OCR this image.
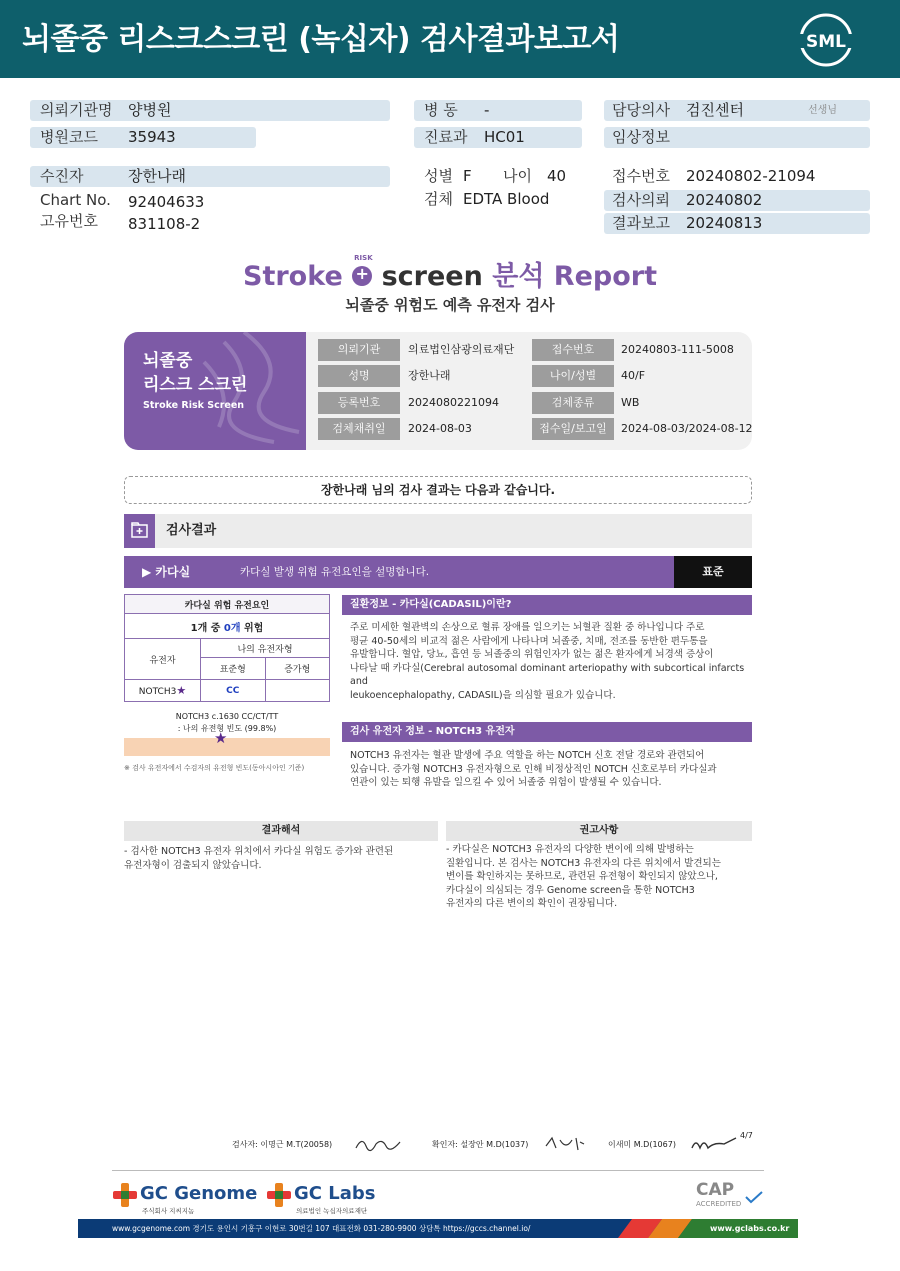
뇌졸중 리스크스크린 (녹십자) 검사결과보고서	SML
의뢰기관명 양병원
병원코드 35943
병 동 -
진료과 HC01
담당의사 검진센터	선생님
임상정보
수진자	장한나래
Chart No. 92404633
고유번호 831108-2
성별 F 나이 40
검체 EDTA Blood
접수번호 20240802-21094
검사의뢰 20240802
결과보고 20240813
Stroke +
RISK
screen 분석 Report
뇌졸중 위험도 예측 유전자 검사
뇌졸중
리스크 스크린
Stroke Risk Screen
의뢰기관	의료법인삼광의료재단	접수번호	20240803-111-5008
성명	장한나래	나이/성별	40/F
등록번호	2024080221094	검체종류	WB
검체채취일	2024-08-03	접수일/보고일	2024-08-03/2024-08-12
장한나래 님의 검사 결과는 다음과 같습니다.
검사결과
▶ 카다실	카다실 발생 위험 유전요인을 설명합니다.	표준
카다실 위험 유전요인		
1개 중 0개 위험		
유전자	나의 유전자형	
	표준형	증가형
NOTCH3★	CC	
NOTCH3 c.1630 CC/CT/TT
: 나의 유전형 빈도 (99.8%)
★
※ 검사 유전자에서 수검자의 유전형 빈도(동아시아인 기준)
질환정보 - 카다실(CADASIL)이란?
주로 미세한 혈관벽의 손상으로 혈류 장애를 일으키는 뇌혈관 질환 중 하나입니다 주로
평균 40-50세의 비교적 젊은 사람에게 나타나며 뇌졸중, 치매, 전조를 동반한 편두통을
유발합니다. 혈압, 당뇨, 흡연 등 뇌졸중의 위험인자가 없는 젊은 환자에게 뇌경색 증상이
나타날 때 카다실(Cerebral autosomal dominant arteriopathy with subcortical infarcts and
leukoencephalopathy, CADASIL)을 의심할 필요가 있습니다.
검사 유전자 정보 - NOTCH3 유전자
NOTCH3 유전자는 혈관 발생에 주요 역할을 하는 NOTCH 신호 전달 경로와 관련되어
있습니다. 증가형 NOTCH3 유전자형으로 인해 비정상적인 NOTCH 신호로부터 카다실과
연관이 있는 퇴행 유발을 일으킬 수 있어 뇌졸중 위험이 발생될 수 있습니다.
결과해석
- 검사한 NOTCH3 유전자 위치에서 카다실 위험도 증가와 관련된
유전자형이 검출되지 않았습니다.
권고사항
- 카다실은 NOTCH3 유전자의 다양한 변이에 의해 발병하는
질환입니다. 본 검사는 NOTCH3 유전자의 다른 위치에서 발견되는
변이를 확인하지는 못하므로, 관련된 유전형이 확인되지 않았으나,
카다실이 의심되는 경우 Genome screen을 통한 NOTCH3
유전자의 다른 변이의 확인이 권장됩니다.
검사자: 이명근 M.T(20058)	확인자: 설장안 M.D(1037)	이새미 M.D(1067)
4/7
GC Genome
주식회사 지씨지놈
GC Labs
의료법인 녹십자의료재단
CAP
ACCREDITED
www.gcgenome.com 경기도 용인시 기흥구 이현로 30번길 107 대표전화 031-280-9900 상담톡 https://gccs.channel.io/	www.gclabs.co.kr
